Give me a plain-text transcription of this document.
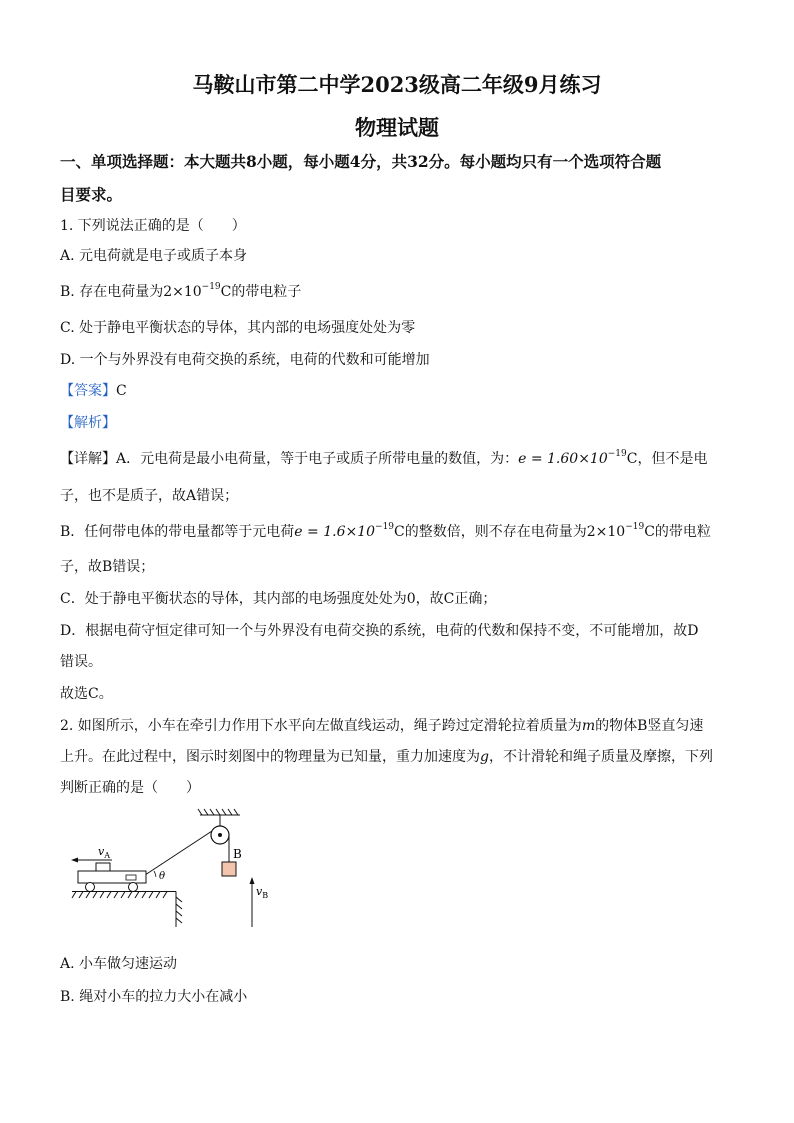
马鞍山市第二中学2023级高二年级9月练习
物理试题
一、单项选择题：本大题共8小题，每小题4分，共32分。每小题均只有一个选项符合题
目要求。
1. 下列说法正确的是（　　）
A. 元电荷就是电子或质子本身
B. 存在电荷量为$2\times 10^{-19}C$的带电粒子
C. 处于静电平衡状态的导体，其内部的电场强度处处为零
D. 一个与外界没有电荷交换的系统，电荷的代数和可能增加
【答案】C
【解析】
【详解】A．元电荷是最小电荷量，等于电子或质子所带电量的数值，为：$e = 1.60\times 10^{-19}C$，但不是电
子，也不是质子，故A错误；
B．任何带电体的带电量都等于元电荷$e = 1.6\times 10^{-19}C$的整数倍，则不存在电荷量为$2\times 10^{-19}C$的带电粒
子，故B错误；
C．处于静电平衡状态的导体，其内部的电场强度处处为0，故C正确；
D．根据电荷守恒定律可知一个与外界没有电荷交换的系统，电荷的代数和保持不变，不可能增加，故D
错误。
故选C。
2. 如图所示，小车在牵引力作用下水平向左做直线运动，绳子跨过定滑轮拉着质量为m的物体B竖直匀速
上升。在此过程中，图示时刻图中的物理量为已知量，重力加速度为g，不计滑轮和绳子质量及摩擦，下列
判断正确的是（　　）
B
$v_B$
$v_A$
θ
A. 小车做匀速运动
B. 绳对小车的拉力大小在减小
